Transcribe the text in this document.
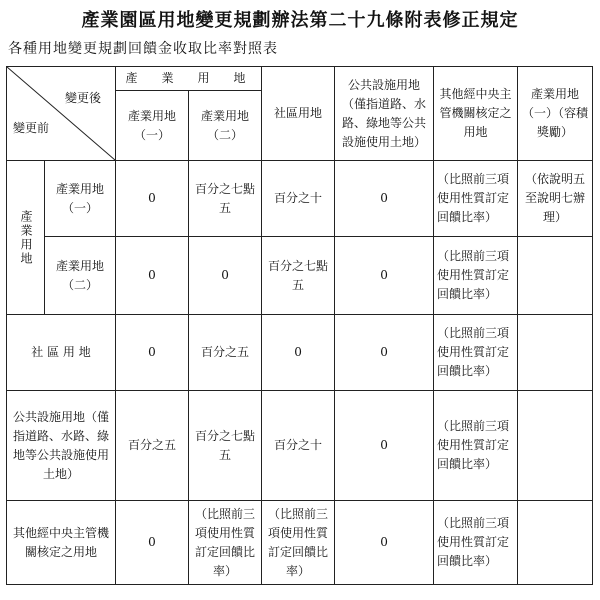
產業園區用地變更規劃辦法第二十九條附表修正規定
各種用地變更規劃回饋金收取比率對照表
變更後
變更前		產　業　用　地		社區用地	公共設施用地（僅指道路、水路、綠地等公共設施使用土地）	其他經中央主管機關核定之用地	產業用地（一）（容積獎勵）
		產業用地（一）	產業用地（二）				

產業用地	產業用地（一）	0	百分之七點五	百分之十	0	（比照前三項使用性質訂定回饋比率）	（依說明五至說明七辦理）
	產業用地（二）	0	0	百分之七點五	0	（比照前三項使用性質訂定回饋比率）	
社 區 用 地		0	百分之五	0	0	（比照前三項使用性質訂定回饋比率）	
公共設施用地（僅指道路、水路、綠地等公共設施使用土地）		百分之五	百分之七點五	百分之十	0	（比照前三項使用性質訂定回饋比率）	
其他經中央主管機關核定之用地		0	（比照前三項使用性質訂定回饋比率）	（比照前三項使用性質訂定回饋比率）	0	（比照前三項使用性質訂定回饋比率）	
